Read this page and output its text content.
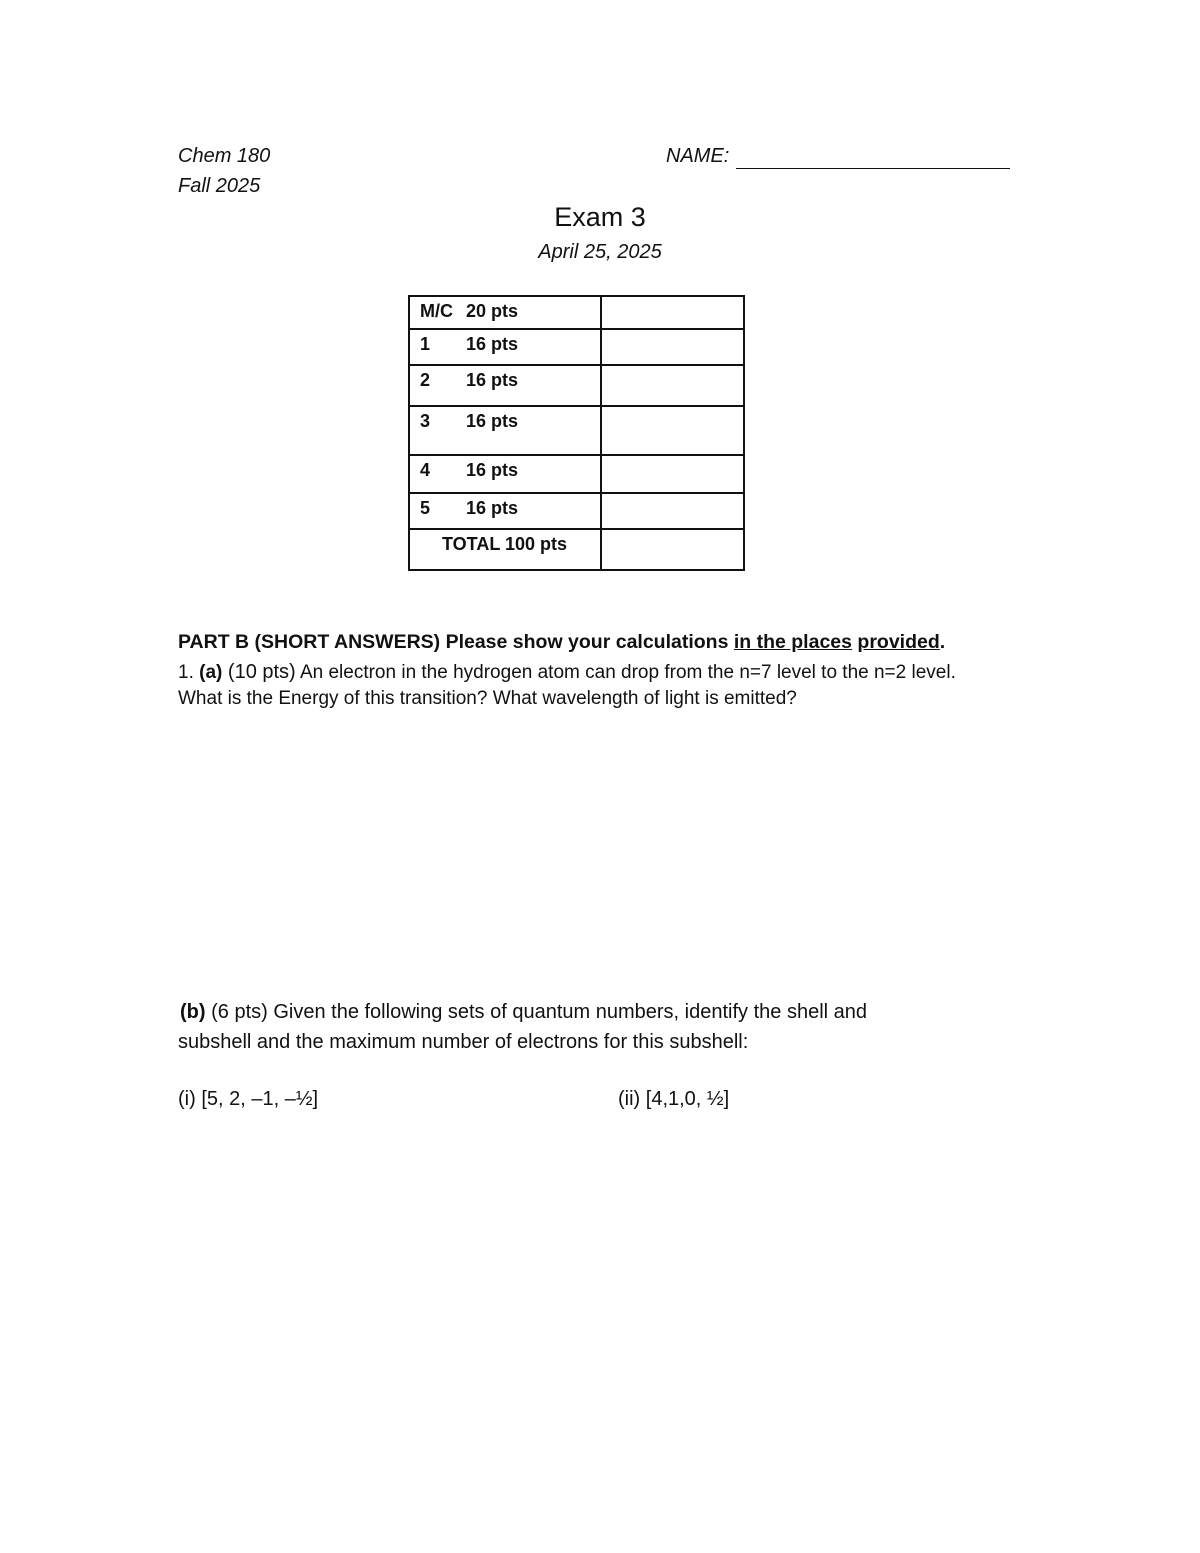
Chem 180
Fall 2025
NAME:
Exam 3
April 25, 2025
M/C 20 pts	
1 16 pts	
2 16 pts	
3 16 pts	
4 16 pts	
5 16 pts	
TOTAL 100 pts	
PART B (SHORT ANSWERS) Please show your calculations in the places provided.
1. (a) (10 pts) An electron in the hydrogen atom can drop from the n=7 level to the n=2 level.
What is the Energy of this transition? What wavelength of light is emitted?
(b) (6 pts) Given the following sets of quantum numbers, identify the shell and
subshell and the maximum number of electrons for this subshell:
(i) [5, 2, –1, –½]	(ii) [4,1,0, ½]
